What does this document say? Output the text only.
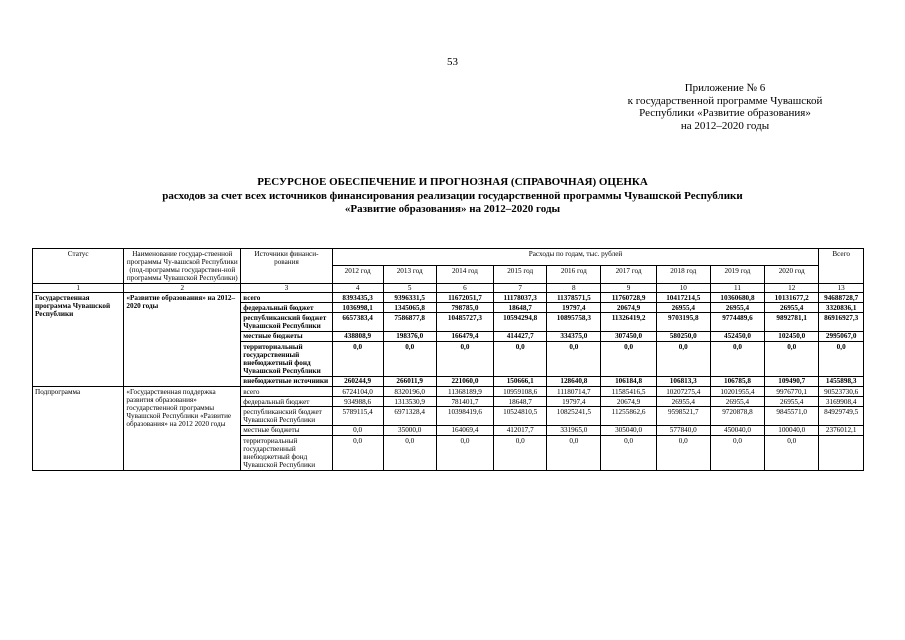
53
Приложение № 6
к государственной программе Чувашской
Республики «Развитие образования»
на 2012–2020 годы
РЕСУРСНОЕ ОБЕСПЕЧЕНИЕ И ПРОГНОЗНАЯ (СПРАВОЧНАЯ) ОЦЕНКА
расходов за счет всех источников финансирования реализации государственной программы Чувашской Республики
«Развитие образования» на 2012–2020 годы
Статус	Наименование государ-ственной программы Чу-вашской Республики (под-программы государствен-ной программы Чувашской Республики)	Источники финанси-рования	Расходы по годам, тыс. рублей									Всего
			2012 год	2013 год	2014 год	2015 год	2016 год	2017 год	2018 год	2019 год	2020 год	
1	2	3	4	5	6	7	8	9	10	11	12	13
Государственная программа Чувашской Республики	«Развитие образования» на 2012–2020 годы	всего	8393435,3	9396331,5	11672051,7	11178037,3	11378571,5	11760728,9	10417214,5	10360680,8	10131677,2	94688728,7
		федеральный бюджет	1036998,1	1345065,8	798785,0	18648,7	19797,4	20674,9	26955,4	26955,4	26955,4	3320836,1
		республиканский бюджет Чувашской Республики	6657383,4	7586877,8	10485727,3	10594294,8	10895758,3	11326419,2	9703195,8	9774489,6	9892781,1	86916927,3
		местные бюджеты	438808,9	198376,0	166479,4	414427,7	334375,0	307450,0	580250,0	452450,0	102450,0	2995067,0
		территориальный государственный внебюджетный фонд Чувашской Республики	0,0	0,0	0,0	0,0	0,0	0,0	0,0	0,0	0,0	0,0
		внебюджетные источники	260244,9	266011,9	221060,0	150666,1	128640,8	106184,8	106813,3	106785,8	109490,7	1455898,3
Подпрограмма	«Государственная поддержка развития образования» государственной программы Чувашской Республики «Развитие образования» на 2012 2020 годы	всего	6724104,0	8320196,0	11368189,9	10959108,6	11180714,7	11585416,5	10207275,4	10201955,4	9976770,1	90523730,6
		федеральный бюджет	934988,6	1313530,9	781401,7	18648,7	19797,4	20674,9	26955,4	26955,4	26955,4	3169908,4
		республиканский бюджет Чувашской Республики	5789115,4	6971328,4	10398419,6	10524810,5	10825241,5	11255862,6	9598521,7	9720878,8	9845571,0	84929749,5
		местные бюджеты	0,0	35000,0	164069,4	412017,7	331965,0	305040,0	577840,0	450040,0	100040,0	2376012,1
		территориальный государственный внебюджетный фонд Чувашской Республики	0,0	0,0	0,0	0,0	0,0	0,0	0,0	0,0	0,0	
